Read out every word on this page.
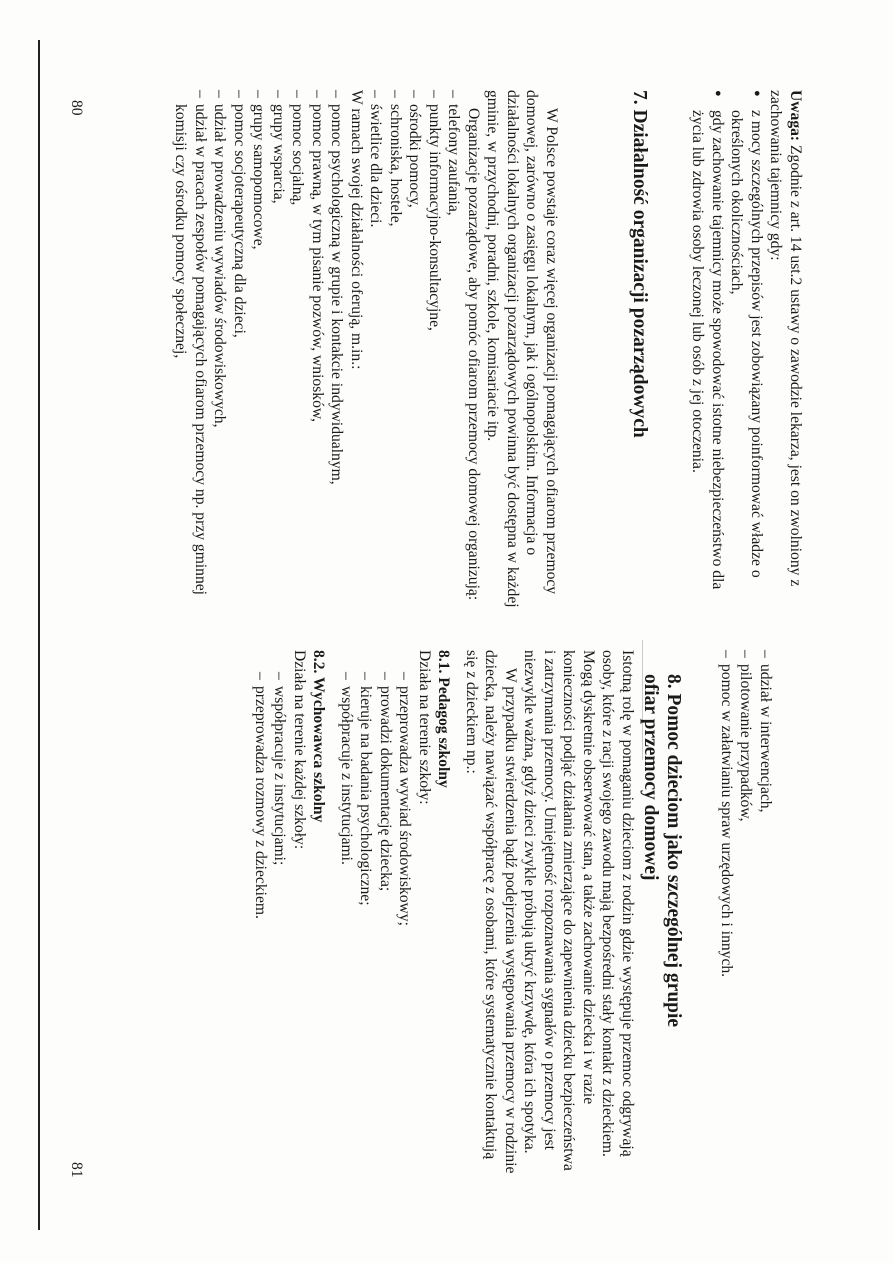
Uwaga: Zgodnie z art. 14 ust.2 ustawy o zawodzie lekarza, jest on zwolniony z zachowania tajemnicy gdy:

● z mocy szczególnych przepisów jest zobowiązany poinformować władze o określonych okolicznościach,
● gdy zachowanie tajemnicy może spowodować istotne niebezpieczeństwo dla życia lub zdrowia osoby leczonej lub osób z jej otoczenia.
7. Działalność organizacji pozarządowych

W Polsce powstaje coraz więcej organizacji pomagających ofiarom przemocy domowej, zarówno o zasięgu lokalnym, jak i ogólnopolskim. Informacja o działalności lokalnych organizacji pozarządowych powinna być dostępna w każdej gminie, w przychodni, poradni, szkole, komisariacie itp.

Organizacje pozarządowe, aby pomóc ofiarom przemocy domowej organizują:

– telefony zaufania,
– punkty informacyjno-konsultacyjne,
– ośrodki pomocy,
– schroniska, hostele,
– świetlice dla dzieci.

W ramach swojej działalności oferują, m.in.:

– pomoc psychologiczną w grupie i kontakcie indywidualnym,
– pomoc prawną, w tym pisanie pozwów, wniosków,
– pomoc socjalną,
– grupy wsparcia,
– grupy samopomocowe,
– pomoc socjoterapeutyczną dla dzieci,
– udział w prowadzeniu wywiadów środowiskowych,
– udział w pracach zespołów pomagających ofiarom przemocy np. przy gminnej komisji czy ośrodku pomocy społecznej,
80
– udział w interwencjach,
– pilotowanie przypadków,
– pomoc w załatwianiu spraw urzędowych i innych.
8. Pomoc dzieciom jako szczególnej grupie ofiar przemocy domowej

Istotną rolę w pomaganiu dzieciom z rodzin gdzie występuje przemoc odgrywają osoby, które z racji swojego zawodu mają bezpośredni stały kontakt z dzieckiem. Mogą dyskretnie obserwować stan, a także zachowanie dziecka i w razie konieczności podjąć działania zmierzające do zapewnienia dziecku bezpieczeństwa i zatrzymania przemocy. Umiejętność rozpoznawania sygnałów o przemocy jest niezwykle ważna, gdyż dzieci zwykle próbują ukryć krzywdę, która ich spotyka.

W przypadku stwierdzenia bądź podejrzenia występowania przemocy w rodzinie dziecka, należy nawiązać współpracę z osobami, które systematycznie kontaktują się z dzieckiem np.:

8.1. Pedagog szkolny

Działa na terenie szkoły:

– przeprowadza wywiad środowiskowy;
– prowadzi dokumentację dziecka;
– kieruje na badania psychologiczne;
– współpracuje z instytucjami.

8.2. Wychowawca szkolny

Działa na terenie każdej szkoły:

– współpracuje z instytucjami;
– przeprowadza rozmowy z dzieckiem.
81
